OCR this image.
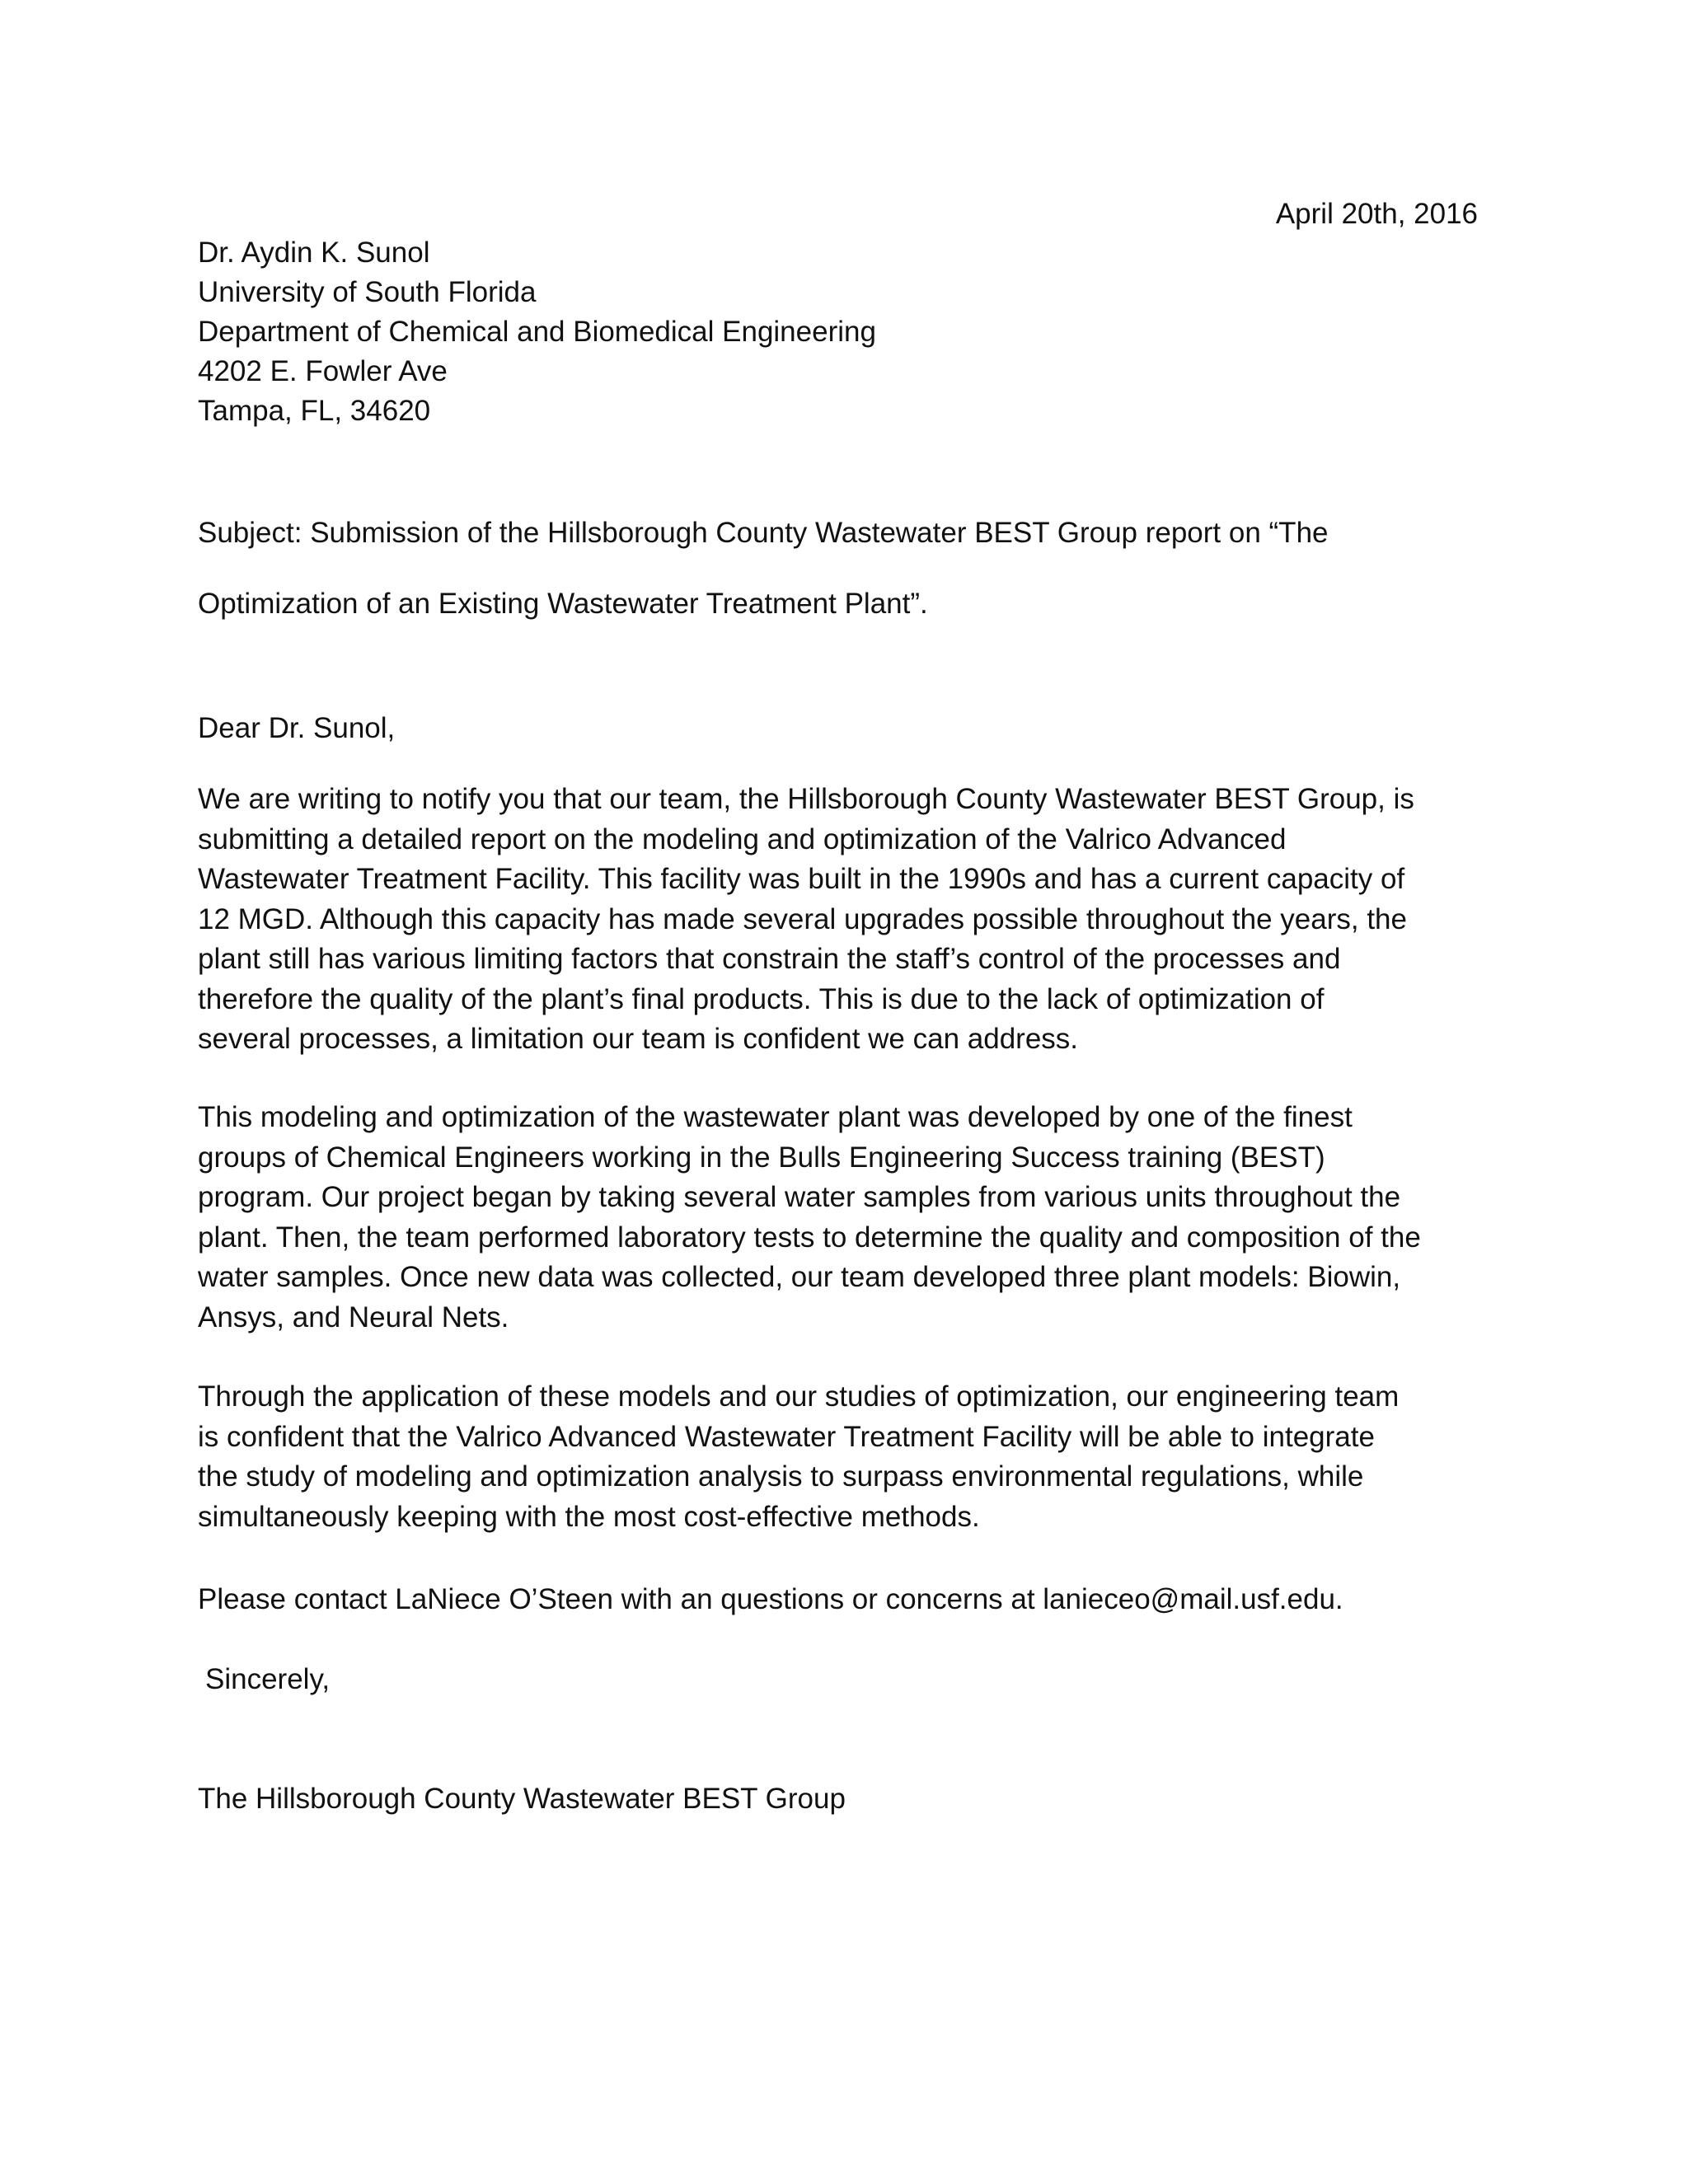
April 20th, 2016
Dr. Aydin K. Sunol
University of South Florida
Department of Chemical and Biomedical Engineering
4202 E. Fowler Ave
Tampa, FL, 34620
Subject: Submission of the Hillsborough County Wastewater BEST Group report on “The
Optimization of an Existing Wastewater Treatment Plant”.
Dear Dr. Sunol,
We are writing to notify you that our team, the Hillsborough County Wastewater BEST Group, is
submitting a detailed report on the modeling and optimization of the Valrico Advanced
Wastewater Treatment Facility. This facility was built in the 1990s and has a current capacity of
12 MGD. Although this capacity has made several upgrades possible throughout the years, the
plant still has various limiting factors that constrain the staff’s control of the processes and
therefore the quality of the plant’s final products. This is due to the lack of optimization of
several processes, a limitation our team is confident we can address.
This modeling and optimization of the wastewater plant was developed by one of the finest
groups of Chemical Engineers working in the Bulls Engineering Success training (BEST)
program. Our project began by taking several water samples from various units throughout the
plant. Then, the team performed laboratory tests to determine the quality and composition of the
water samples. Once new data was collected, our team developed three plant models: Biowin,
Ansys, and Neural Nets.
Through the application of these models and our studies of optimization, our engineering team
is confident that the Valrico Advanced Wastewater Treatment Facility will be able to integrate
the study of modeling and optimization analysis to surpass environmental regulations, while
simultaneously keeping with the most cost-effective methods.
Please contact LaNiece O’Steen with an questions or concerns at lanieceo@mail.usf.edu.
Sincerely,
The Hillsborough County Wastewater BEST Group
